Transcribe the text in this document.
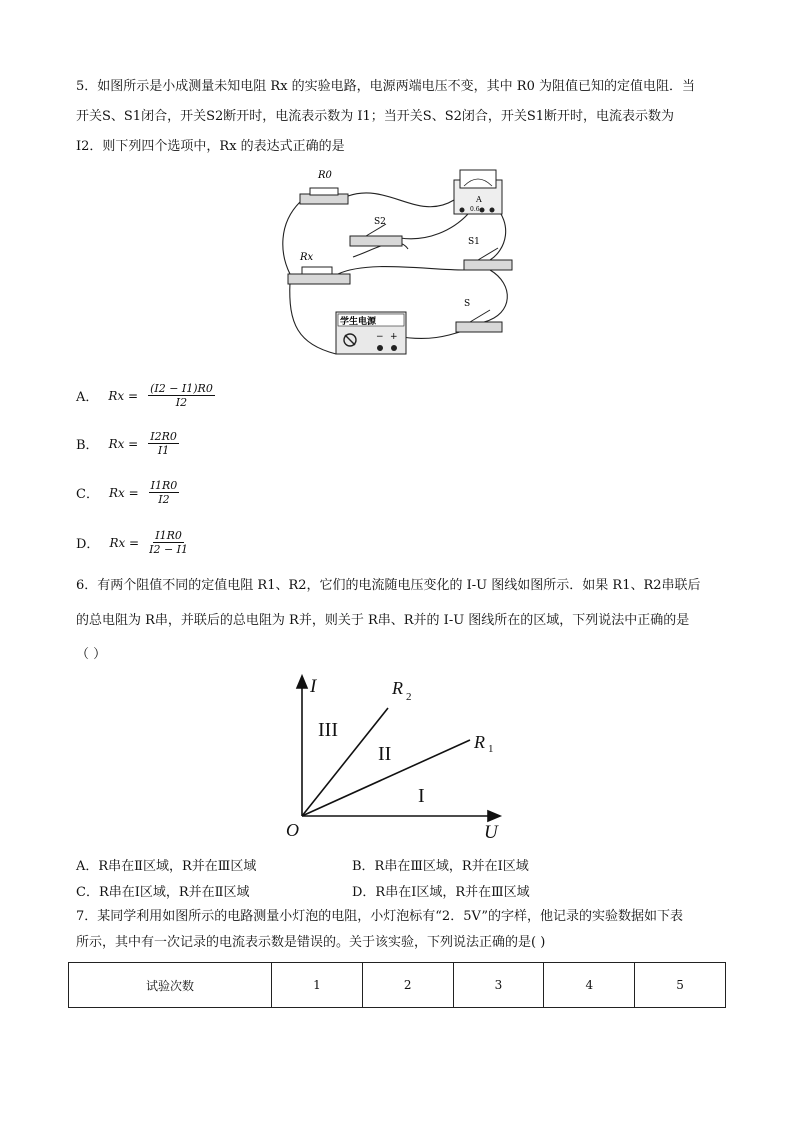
5．如图所示是小成测量未知电阻 Rx 的实验电路，电源两端电压不变，其中 R0 为阻值已知的定值电阻．当
开关S、S1闭合，开关S2断开时，电流表示数为 I1；当开关S、S2闭合，开关S1断开时，电流表示数为
I2．则下列四个选项中，Rx 的表达式正确的是
R0
Rx
A
0.6
S2
S1
S
学生电源
− +
A． $Rx = \frac{(I2 - I1)R0}{I2}$
B． $Rx = \frac{I2R0}{I1}$
C． $Rx = \frac{I1R0}{I2}$
D． $Rx = \frac{I1R0}{I2 - I1}$
6．有两个阻值不同的定值电阻 R1、R2，它们的电流随电压变化的 I-U 图线如图所示．如果 R1、R2串联后
的总电阻为 R串，并联后的总电阻为 R并，则关于 R串、R并的 I-U 图线所在的区域，下列说法中正确的是
（ ）
I
U
O
R 2
R 1
III
II
I
A．R串在Ⅱ区域，R并在Ⅲ区域	B．R串在Ⅲ区域，R并在Ⅰ区域
C．R串在Ⅰ区域，R并在Ⅱ区域	D．R串在Ⅰ区域，R并在Ⅲ区域
7．某同学利用如图所示的电路测量小灯泡的电阻，小灯泡标有“2．5V”的字样，他记录的实验数据如下表
所示，其中有一次记录的电流表示数是错误的。关于该实验，下列说法正确的是( )
试验次数	1	2	3	4	5
